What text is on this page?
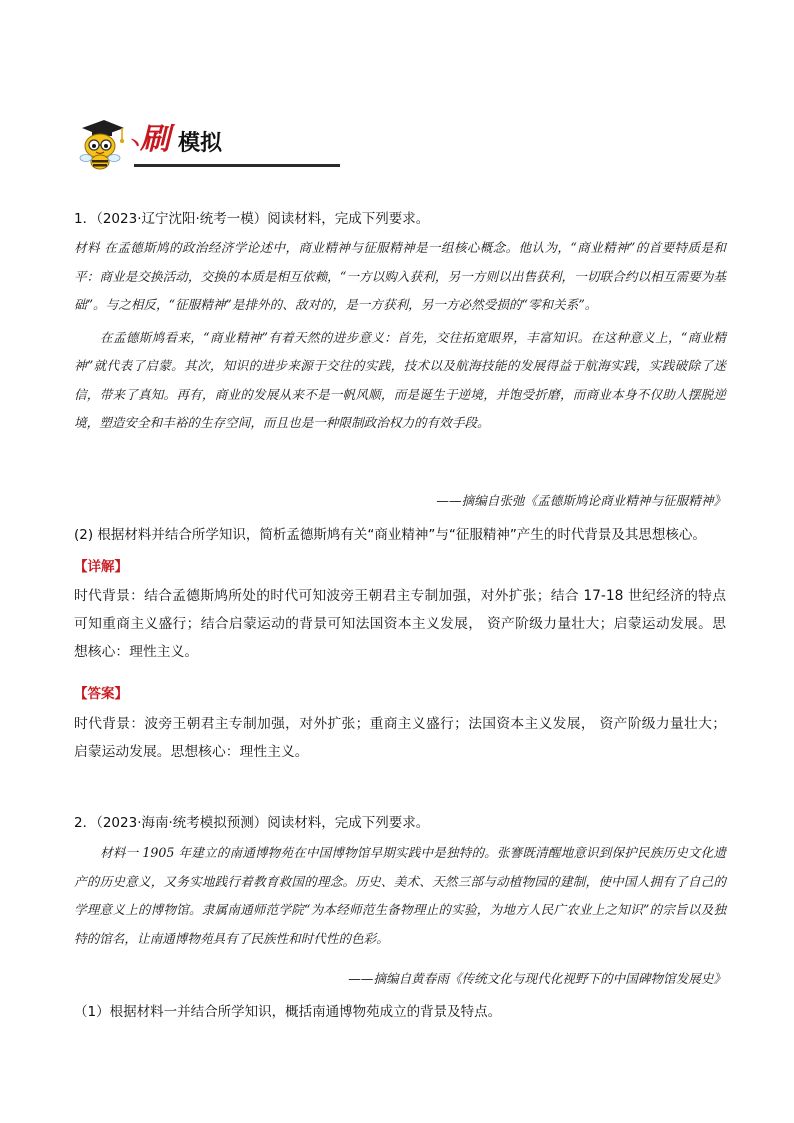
丶
刷 模拟
1．（2023·辽宁沈阳·统考一模）阅读材料，完成下列要求。

材料 在孟德斯鸠的政治经济学论述中，商业精神与征服精神是一组核心概念。他认为，“商业精神”的首要特质是和平：商业是交换活动，交换的本质是相互依赖，“一方以购入获利，另一方则以出售获利，一切联合约以相互需要为基础”。与之相反，“征服精神”是排外的、敌对的，是一方获利，另一方必然受损的“零和关系”。

在孟德斯鸠看来，“商业精神”有着天然的进步意义：首先，交往拓宽眼界，丰富知识。在这种意义上，“商业精神”就代表了启蒙。其次，知识的进步来源于交往的实践，技术以及航海技能的发展得益于航海实践，实践破除了迷信，带来了真知。再有，商业的发展从来不是一帆风顺，而是诞生于逆境，并饱受折磨，而商业本身不仅助人摆脱逆境，塑造安全和丰裕的生存空间，而且也是一种限制政治权力的有效手段。

——摘编自张弛《孟德斯鸠论商业精神与征服精神》
(2) 根据材料并结合所学知识，简析孟德斯鸠有关“商业精神”与“征服精神”产生的时代背景及其思想核心。
【详解】

时代背景：结合孟德斯鸠所处的时代可知波旁王朝君主专制加强，对外扩张；结合 17-18 世纪经济的特点可知重商主义盛行；结合启蒙运动的背景可知法国资本主义发展， 资产阶级力量壮大；启蒙运动发展。思想核心：理性主义。

【答案】

时代背景：波旁王朝君主专制加强，对外扩张；重商主义盛行；法国资本主义发展， 资产阶级力量壮大；启蒙运动发展。思想核心：理性主义。

2．（2023·海南·统考模拟预测）阅读材料，完成下列要求。
材料一 1905 年建立的南通博物苑在中国博物馆早期实践中是独特的。张謇既清醒地意识到保护民族历史文化遗产的历史意义，又务实地践行着教育救国的理念。历史、美术、天然三部与动植物园的建制，使中国人拥有了自己的学理意义上的博物馆。隶属南通师范学院“为本经师范生备物理止的实验，为地方人民广农业上之知识”的宗旨以及独特的馆名，让南通博物苑具有了民族性和时代性的色彩。
——摘编自黄春雨《传统文化与现代化视野下的中国碑物馆发展史》
（1）根据材料一并结合所学知识，概括南通博物苑成立的背景及特点。
